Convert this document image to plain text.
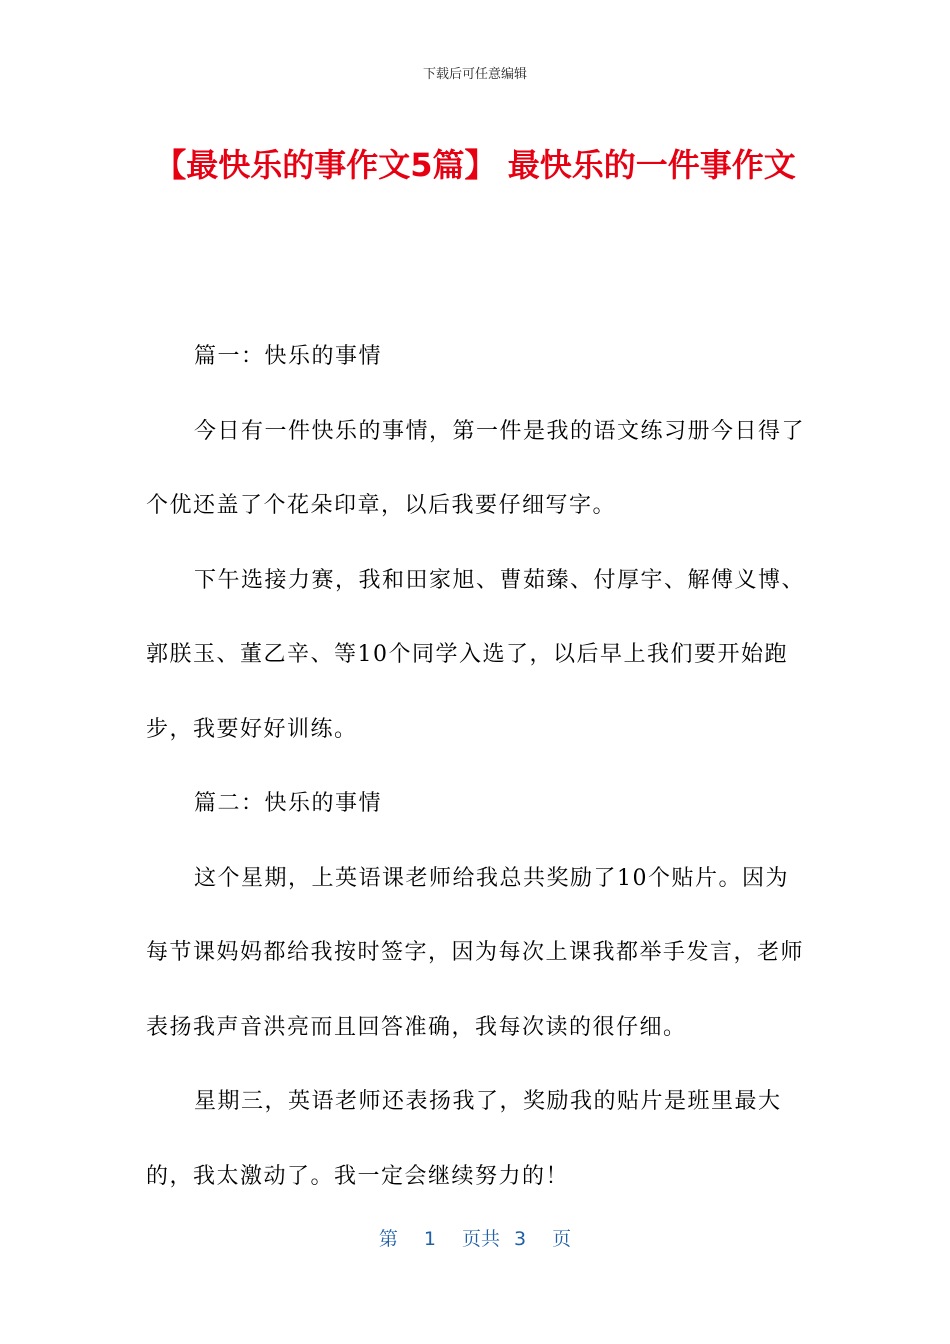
下载后可任意编辑
【最快乐的事作文5篇】 最快乐的一件事作文

篇一：快乐的事情

今日有一件快乐的事情，第一件是我的语文练习册今日得了个优还盖了个花朵印章，以后我要仔细写字。

下午选接力赛，我和田家旭、曹茹臻、付厚宇、解傅义博、郭朕玉、董乙辛、等10个同学入选了，以后早上我们要开始跑步，我要好好训练。

篇二：快乐的事情

这个星期，上英语课老师给我总共奖励了10个贴片。因为每节课妈妈都给我按时签字，因为每次上课我都举手发言，老师表扬我声音洪亮而且回答准确，我每次读的很仔细。

星期三，英语老师还表扬我了，奖励我的贴片是班里最大的，我太激动了。我一定会继续努力的！

第 1 页共 3 页
